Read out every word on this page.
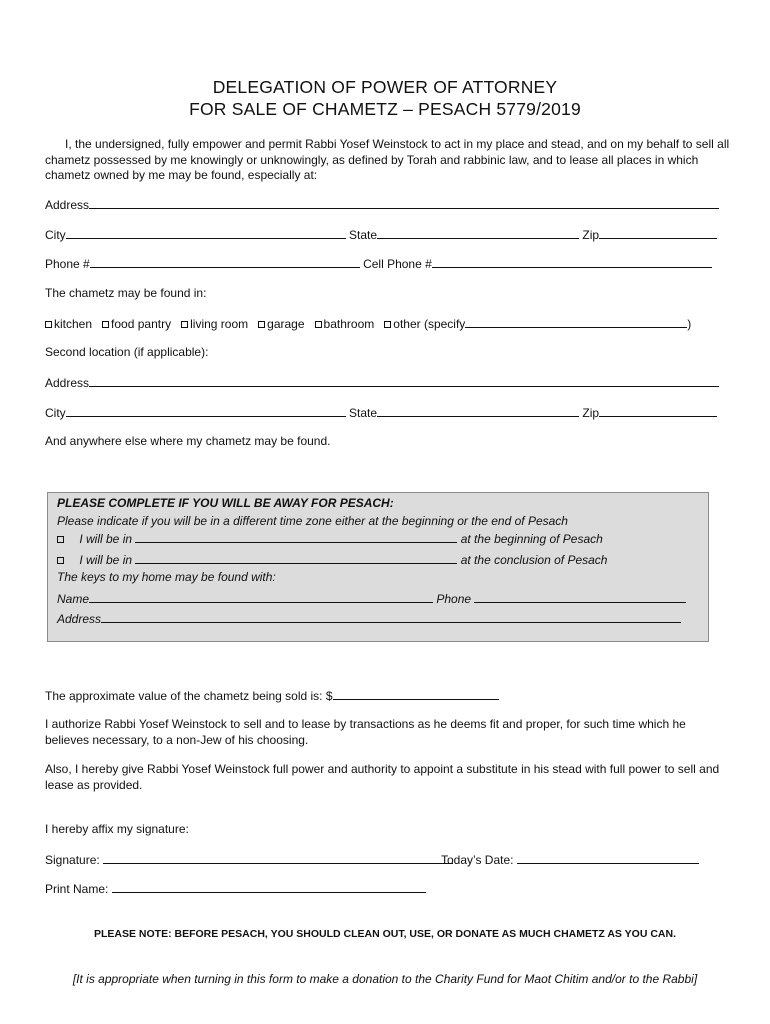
DELEGATION OF POWER OF ATTORNEY
FOR SALE OF CHAMETZ – PESACH 5779/2019
I, the undersigned, fully empower and permit Rabbi Yosef Weinstock to act in my place and stead, and on my behalf to sell all chametz possessed by me knowingly or unknowingly, as defined by Torah and rabbinic law, and to lease all places in which chametz owned by me may be found, especially at:
Address
City	State	Zip
Phone #	Cell Phone #
The chametz may be found in:
kitchen food pantry living room garage bathroom other (specify	)
Second location (if applicable):
Address
City	State	Zip
And anywhere else where my chametz may be found.
PLEASE COMPLETE IF YOU WILL BE AWAY FOR PESACH:
Please indicate if you will be in a different time zone either at the beginning or the end of Pesach
I will be in	at the beginning of Pesach
I will be in	at the conclusion of Pesach
The keys to my home may be found with:
Name	Phone
Address
The approximate value of the chametz being sold is: $
I authorize Rabbi Yosef Weinstock to sell and to lease by transactions as he deems fit and proper, for such time which he believes necessary, to a non-Jew of his choosing.
Also, I hereby give Rabbi Yosef Weinstock full power and authority to appoint a substitute in his stead with full power to sell and lease as provided.
I hereby affix my signature:
Signature:	Today’s Date:
Print Name:
PLEASE NOTE: BEFORE PESACH, YOU SHOULD CLEAN OUT, USE, OR DONATE AS MUCH CHAMETZ AS YOU CAN.
[It is appropriate when turning in this form to make a donation to the Charity Fund for Maot Chitim and/or to the Rabbi]
